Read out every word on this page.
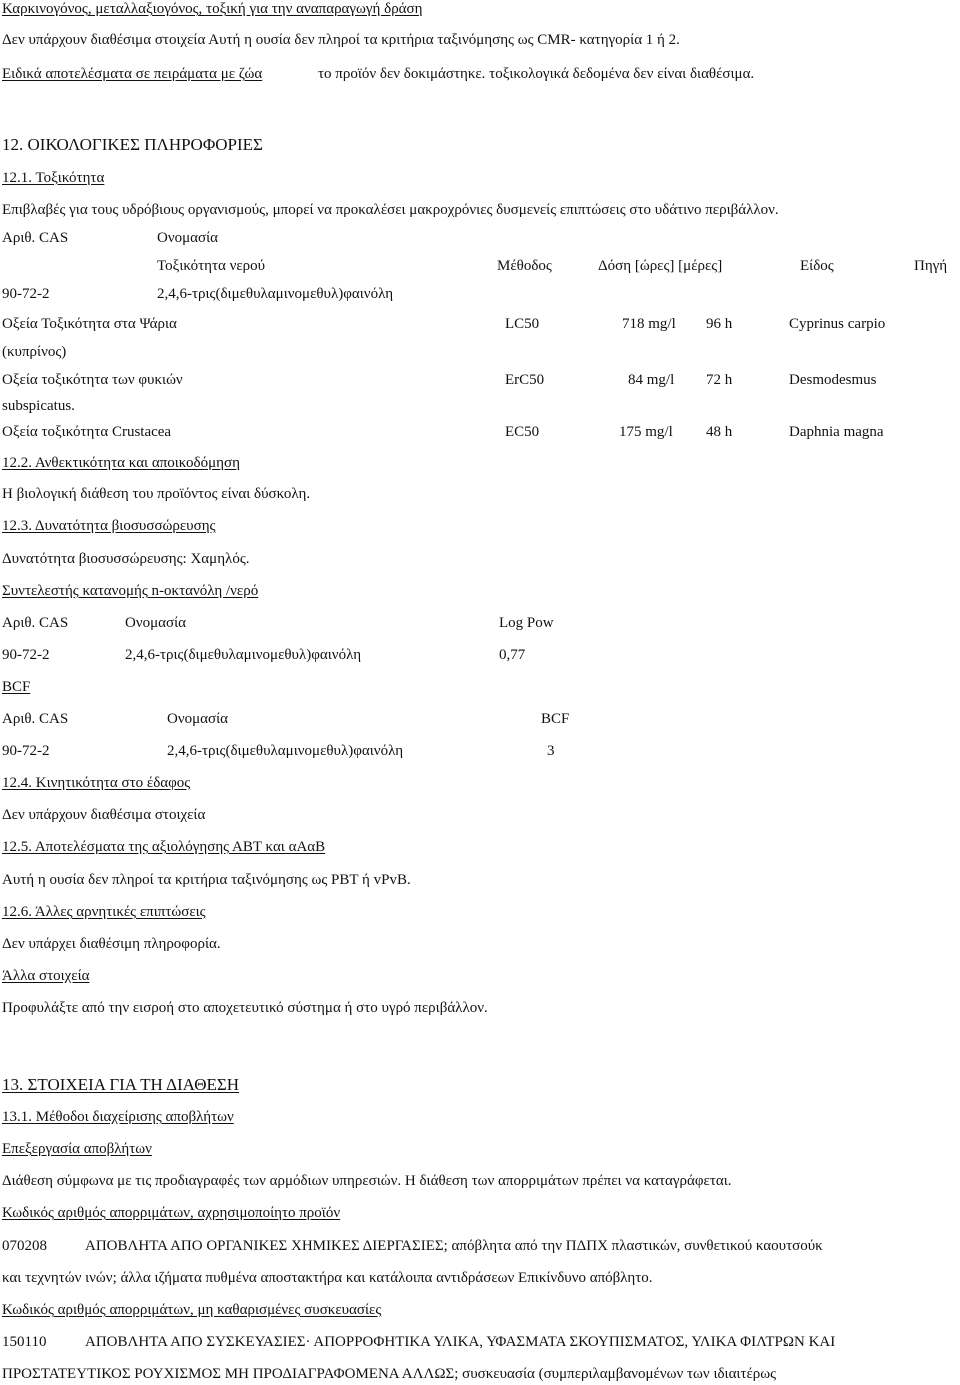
Καρκινογόνος, μεταλλαξιογόνος, τοξική για την αναπαραγωγή δράση
Δεν υπάρχουν διαθέσιμα στοιχεία Αυτή η ουσία δεν πληροί τα κριτήρια ταξινόμησης ως CMR- κατηγορία 1 ή 2.
Ειδικά αποτελέσματα σε πειράματα με ζώα	το προϊόν δεν δοκιμάστηκε. τοξικολογικά δεδομένα δεν είναι διαθέσιμα.
12. ΟΙΚΟΛΟΓΙΚΕΣ ΠΛΗΡΟΦΟΡΙΕΣ
12.1. Τοξικότητα
Επιβλαβές για τους υδρόβιους οργανισμούς, μπορεί να προκαλέσει μακροχρόνιες δυσμενείς επιπτώσεις στο υδάτινο περιβάλλον.
Αριθ. CAS	Ονομασία
Τοξικότητα νερού	Μέθοδος	Δόση [ώρες] [μέρες]	Είδος	Πηγή
90-72-2	2,4,6-τρις(διμεθυλαμινομεθυλ)φαινόλη
Οξεία Τοξικότητα στα Ψάρια	LC50	718 mg/l 96 h	Cyprinus carpio
(κυπρίνος)
Οξεία τοξικότητα των φυκιών	ErC50	84 mg/l 72 h	Desmodesmus
subspicatus.
Οξεία τοξικότητα Crustacea	EC50	175 mg/l 48 h	Daphnia magna
12.2. Ανθεκτικότητα και αποικοδόμηση
Η βιολογική διάθεση του προϊόντος είναι δύσκολη.
12.3. Δυνατότητα βιοσυσσώρευσης
Δυνατότητα βιοσυσσώρευσης: Χαμηλός.
Συντελεστής κατανομής n-οκτανόλη /νερό
Αριθ. CAS	Ονομασία	Log Pow
90-72-2	2,4,6-τρις(διμεθυλαμινομεθυλ)φαινόλη	0,77
BCF
Αριθ. CAS	Ονομασία	BCF
90-72-2	2,4,6-τρις(διμεθυλαμινομεθυλ)φαινόλη	3
12.4. Κινητικότητα στο έδαφος
Δεν υπάρχουν διαθέσιμα στοιχεία
12.5. Αποτελέσματα της αξιολόγησης ΑΒΤ και αΑαΒ
Αυτή η ουσία δεν πληροί τα κριτήρια ταξινόμησης ως PBT ή vPvB.
12.6. Άλλες αρνητικές επιπτώσεις
Δεν υπάρχει διαθέσιμη πληροφορία.
Άλλα στοιχεία
Προφυλάξτε από την εισροή στο αποχετευτικό σύστημα ή στο υγρό περιβάλλον.
13. ΣΤΟΙΧΕΙΑ ΓΙΑ ΤΗ ΔΙΑΘΕΣΗ
13.1. Μέθοδοι διαχείρισης αποβλήτων
Επεξεργασία αποβλήτων
Διάθεση σύμφωνα με τις προδιαγραφές των αρμόδιων υπηρεσιών. Η διάθεση των απορριμάτων πρέπει να καταγράφεται.
Κωδικός αριθμός απορριμάτων, αχρησιμοποίητο προϊόν
070208	ΑΠΟΒΛΗΤΑ ΑΠΟ ΟΡΓΑΝΙΚΕΣ ΧΗΜΙΚΕΣ ΔΙΕΡΓΑΣΙΕΣ; απόβλητα από την ΠΔΠΧ πλαστικών, συνθετικού καουτσούκ
και τεχνητών ινών; άλλα ιζήματα πυθμένα αποστακτήρα και κατάλοιπα αντιδράσεων Επικίνδυνο απόβλητο.
Κωδικός αριθμός απορριμάτων, μη καθαρισμένες συσκευασίες
150110	ΑΠΟΒΛΗΤΑ ΑΠΟ ΣΥΣΚΕΥΑΣΙΕΣ· ΑΠΟΡΡΟΦΗΤΙΚΑ ΥΛΙΚΑ, ΥΦΑΣΜΑΤΑ ΣΚΟΥΠΙΣΜΑΤΟΣ, ΥΛΙΚΑ ΦΙΛΤΡΩΝ ΚΑΙ
ΠΡΟΣΤΑΤΕΥΤΙΚΟΣ ΡΟΥΧΙΣΜΟΣ ΜΗ ΠΡΟΔΙΑΓΡΑΦΟΜΕΝΑ ΑΛΛΩΣ; συσκευασία (συμπεριλαμβανομένων των ιδιαιτέρως
